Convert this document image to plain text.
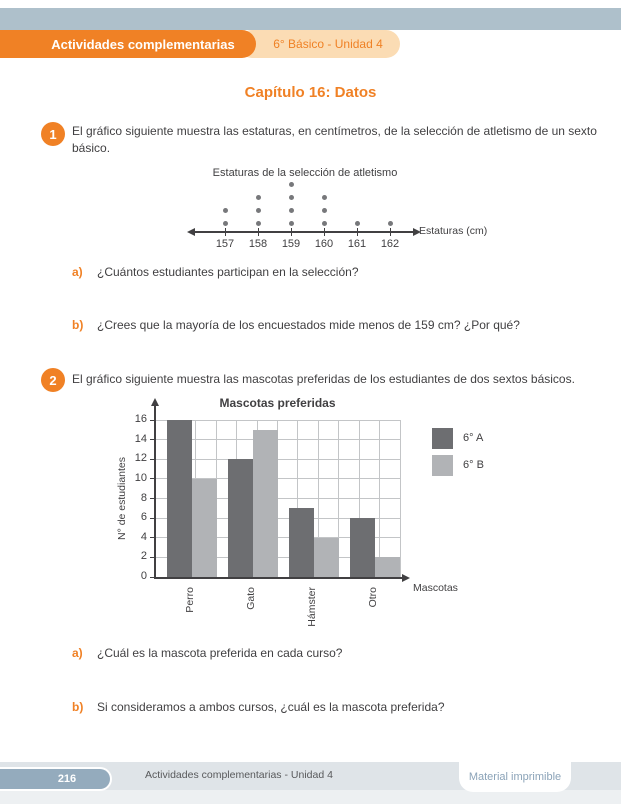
6° Básico - Unidad 4
Actividades complementarias
Capítulo 16: Datos
1	El gráfico siguiente muestra las estaturas, en centímetros, de la selección de atletismo de un sexto básico.
Estaturas de la selección de atletismo
Estaturas (cm)
157	158	159	160	161	162
a)	¿Cuántos estudiantes participan en la selección?
b)	¿Crees que la mayoría de los encuestados mide menos de 159 cm? ¿Por qué?
2	El gráfico siguiente muestra las mascotas preferidas de los estudiantes de dos sextos básicos.
Mascotas preferidas
N° de estudiantes
Mascotas
0
2
4
6
8
10
12
14
16
Perro	Gato	Hámster	Otro
6° A
6° B
a)	¿Cuál es la mascota preferida en cada curso?
b)	Si consideramos a ambos cursos, ¿cuál es la mascota preferida?
Material imprimible
216	Actividades complementarias - Unidad 4
